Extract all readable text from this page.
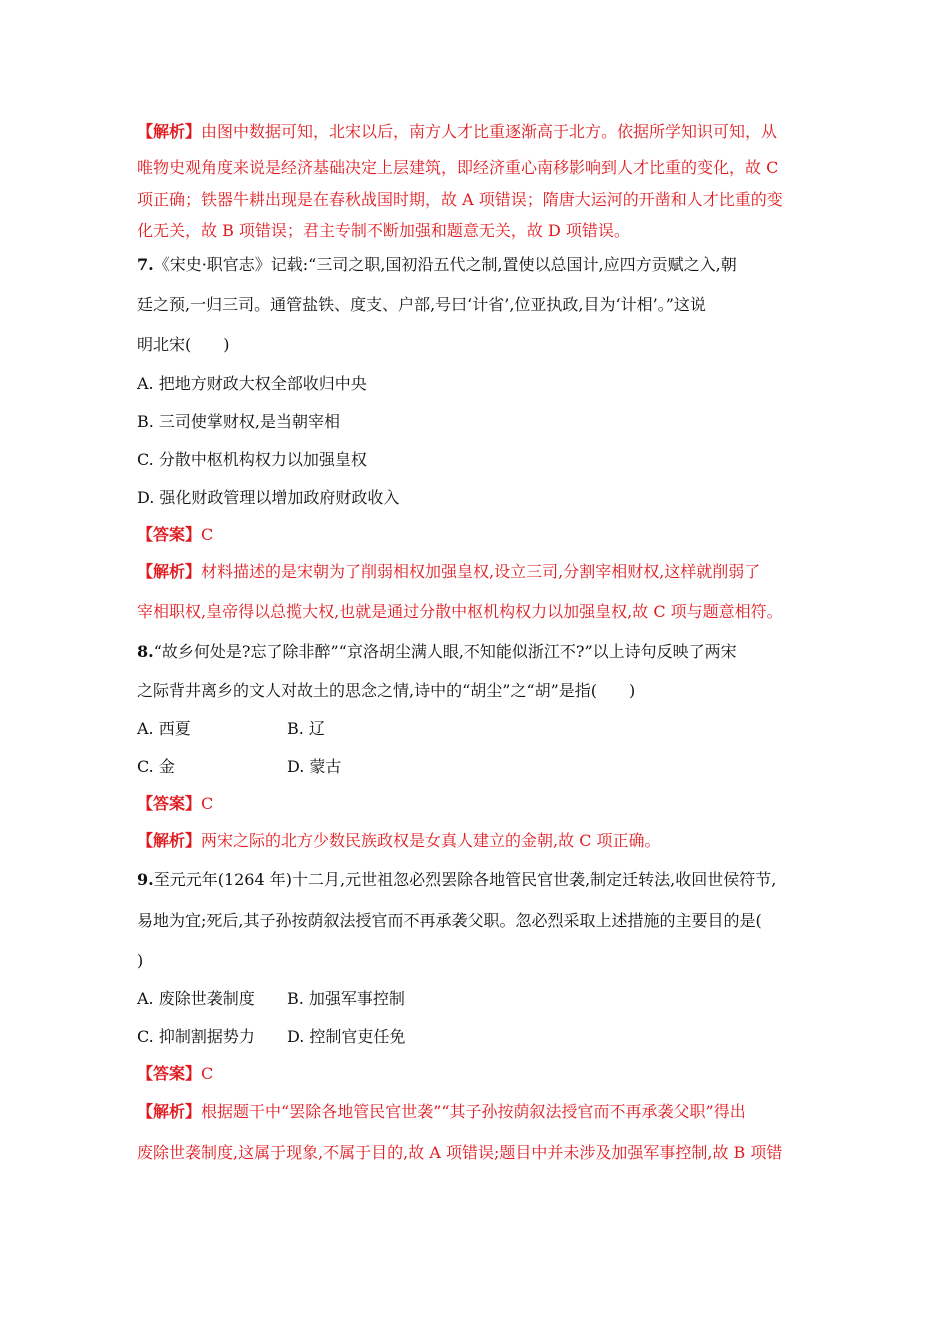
【解析】由图中数据可知，北宋以后，南方人才比重逐渐高于北方。依据所学知识可知，从

唯物史观角度来说是经济基础决定上层建筑，即经济重心南移影响到人才比重的变化，故 C

项正确；铁器牛耕出现是在春秋战国时期，故 A 项错误；隋唐大运河的开凿和人才比重的变

化无关，故 B 项错误；君主专制不断加强和题意无关，故 D 项错误。

7.《宋史·职官志》记载:“三司之职,国初沿五代之制,置使以总国计,应四方贡赋之入,朝

廷之预,一归三司。通管盐铁、度支、户部,号曰‘计省’,位亚执政,目为‘计相’。”这说

明北宋(　　)

A. 把地方财政大权全部收归中央

B. 三司使掌财权,是当朝宰相

C. 分散中枢机构权力以加强皇权

D. 强化财政管理以增加政府财政收入

【答案】C

【解析】材料描述的是宋朝为了削弱相权加强皇权,设立三司,分割宰相财权,这样就削弱了

宰相职权,皇帝得以总揽大权,也就是通过分散中枢机构权力以加强皇权,故 C 项与题意相符。

8.“故乡何处是?忘了除非醉”“京洛胡尘满人眼,不知能似浙江不?”以上诗句反映了两宋

之际背井离乡的文人对故土的思念之情,诗中的“胡尘”之“胡”是指(　　)

A. 西夏	B. 辽
C. 金	D. 蒙古

【答案】C

【解析】两宋之际的北方少数民族政权是女真人建立的金朝,故 C 项正确。

9.至元元年(1264 年)十二月,元世祖忽必烈罢除各地管民官世袭,制定迁转法,收回世侯符节,

易地为宜;死后,其子孙按荫叙法授官而不再承袭父职。忽必烈采取上述措施的主要目的是(

)

A. 废除世袭制度	B. 加强军事控制
C. 抑制割据势力	D. 控制官吏任免

【答案】C

【解析】根据题干中“罢除各地管民官世袭”“其子孙按荫叙法授官而不再承袭父职”得出

废除世袭制度,这属于现象,不属于目的,故 A 项错误;题目中并未涉及加强军事控制,故 B 项错
